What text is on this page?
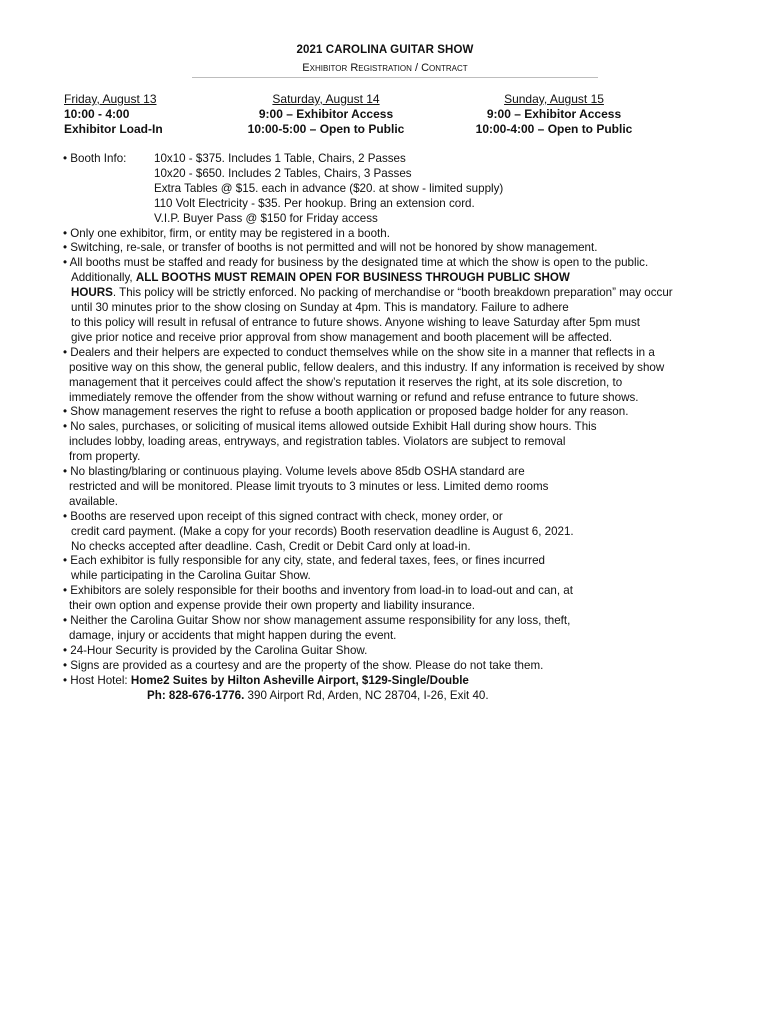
2021 CAROLINA GUITAR SHOW
Exhibitor Registration / Contract
Friday, August 13
10:00 - 4:00
Exhibitor Load-In
Saturday, August 14
9:00 – Exhibitor Access
10:00-5:00 – Open to Public
Sunday, August 15
9:00 – Exhibitor Access
10:00-4:00 – Open to Public
• Booth Info:	10x10 - $375. Includes 1 Table, Chairs, 2 Passes
10x20 - $650. Includes 2 Tables, Chairs, 3 Passes
Extra Tables @ $15. each in advance ($20. at show - limited supply)
110 Volt Electricity - $35. Per hookup. Bring an extension cord.
V.I.P. Buyer Pass @ $150 for Friday access
• Only one exhibitor, firm, or entity may be registered in a booth.
• Switching, re-sale, or transfer of booths is not permitted and will not be honored by show management.
• All booths must be staffed and ready for business by the designated time at which the show is open to the public.
Additionally, ALL BOOTHS MUST REMAIN OPEN FOR BUSINESS THROUGH PUBLIC SHOW
HOURS. This policy will be strictly enforced. No packing of merchandise or “booth breakdown preparation” may occur
until 30 minutes prior to the show closing on Sunday at 4pm. This is mandatory. Failure to adhere
to this policy will result in refusal of entrance to future shows. Anyone wishing to leave Saturday after 5pm must
give prior notice and receive prior approval from show management and booth placement will be affected.
• Dealers and their helpers are expected to conduct themselves while on the show site in a manner that reflects in a
positive way on this show, the general public, fellow dealers, and this industry. If any information is received by show
management that it perceives could affect the show’s reputation it reserves the right, at its sole discretion, to
immediately remove the offender from the show without warning or refund and refuse entrance to future shows.
• Show management reserves the right to refuse a booth application or proposed badge holder for any reason.
• No sales, purchases, or soliciting of musical items allowed outside Exhibit Hall during show hours. This
includes lobby, loading areas, entryways, and registration tables. Violators are subject to removal
from property.
• No blasting/blaring or continuous playing. Volume levels above 85db OSHA standard are
restricted and will be monitored. Please limit tryouts to 3 minutes or less. Limited demo rooms
available.
• Booths are reserved upon receipt of this signed contract with check, money order, or
credit card payment. (Make a copy for your records) Booth reservation deadline is August 6, 2021.
No checks accepted after deadline. Cash, Credit or Debit Card only at load-in.
• Each exhibitor is fully responsible for any city, state, and federal taxes, fees, or fines incurred
while participating in the Carolina Guitar Show.
• Exhibitors are solely responsible for their booths and inventory from load-in to load-out and can, at
their own option and expense provide their own property and liability insurance.
• Neither the Carolina Guitar Show nor show management assume responsibility for any loss, theft,
damage, injury or accidents that might happen during the event.
• 24-Hour Security is provided by the Carolina Guitar Show.
• Signs are provided as a courtesy and are the property of the show. Please do not take them.
• Host Hotel: Home2 Suites by Hilton Asheville Airport, $129-Single/Double
Ph: 828-676-1776. 390 Airport Rd, Arden, NC 28704, I-26, Exit 40.
